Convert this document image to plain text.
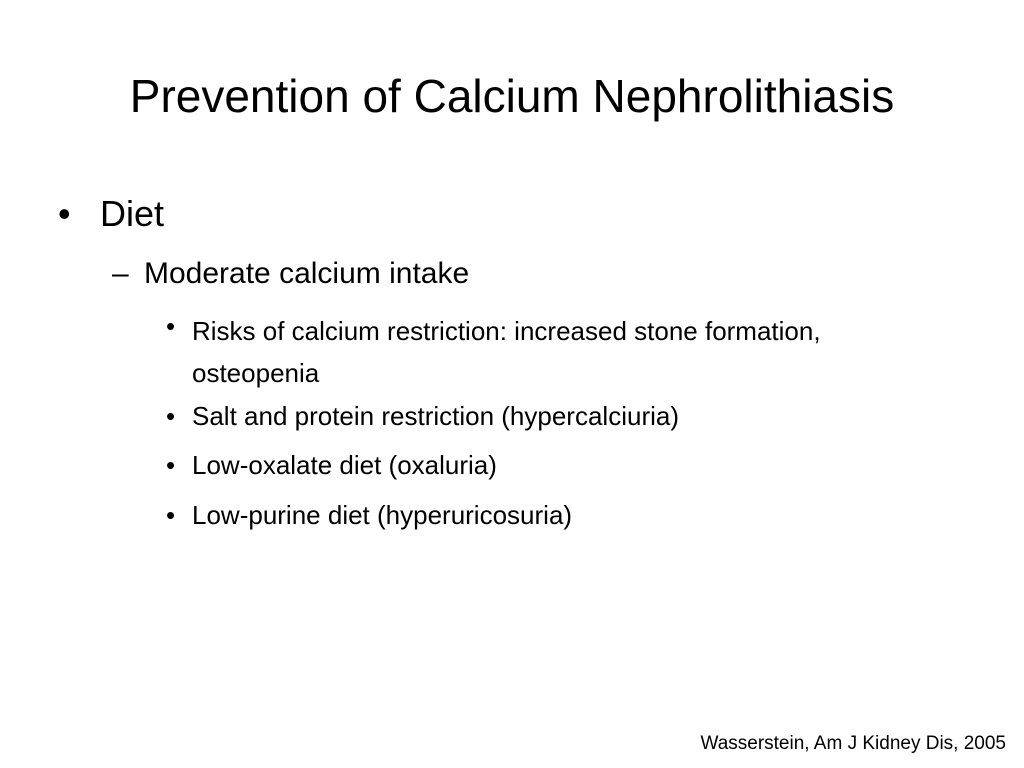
Prevention of Calcium Nephrolithiasis
• Diet
– Moderate calcium intake
• Risks of calcium restriction: increased stone formation, osteopenia
• Salt and protein restriction (hypercalciuria)
• Low-oxalate diet (oxaluria)
• Low-purine diet (hyperuricosuria)
Wasserstein, Am J Kidney Dis, 2005
